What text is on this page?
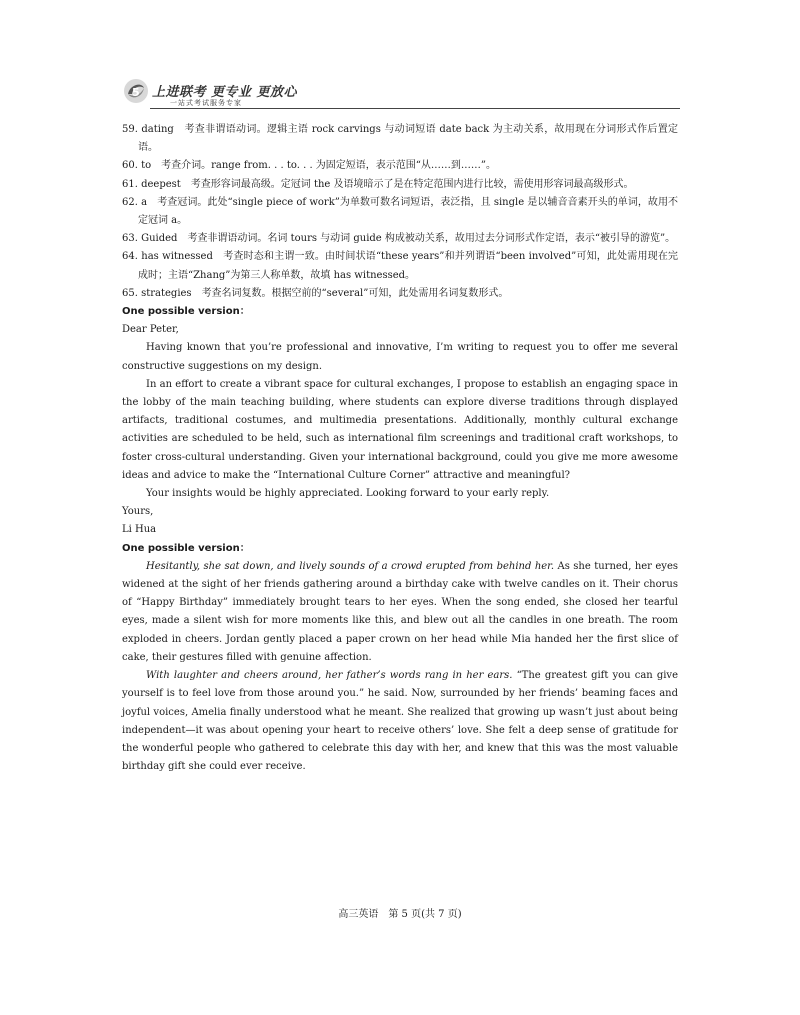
5 上进联考 更专业 更放心
一站式考试服务专家

59. dating　 考查非谓语动词。逻辑主语 rock carvings 与动词短语 date back 为主动关系，故用现在分词形式作后置定语。

60. to　 考查介词。range from. . . to. . . 为固定短语，表示范围“从……到……”。

61. deepest　 考查形容词最高级。定冠词 the 及语境暗示了是在特定范围内进行比较，需使用形容词最高级形式。

62. a　 考查冠词。此处“single piece of work”为单数可数名词短语，表泛指，且 single 是以辅音音素开头的单词，故用不定冠词 a。

63. Guided　 考查非谓语动词。名词 tours 与动词 guide 构成被动关系，故用过去分词形式作定语，表示“被引导的游览”。

64. has witnessed　 考查时态和主谓一致。由时间状语“these years”和并列谓语“been involved”可知，此处需用现在完成时；主语“Zhang”为第三人称单数，故填 has witnessed。

65. strategies　 考查名词复数。根据空前的“several”可知，此处需用名词复数形式。

One possible version：

Dear Peter,

Having known that you’re professional and innovative, I’m writing to request you to offer me several constructive suggestions on my design.

In an effort to create a vibrant space for cultural exchanges, I propose to establish an engaging space in the lobby of the main teaching building, where students can explore diverse traditions through displayed artifacts, traditional costumes, and multimedia presentations. Additionally, monthly cultural exchange activities are scheduled to be held, such as international film screenings and traditional craft workshops, to foster cross-cultural understanding. Given your international background, could you give me more awesome ideas and advice to make the “International Culture Corner” attractive and meaningful?

Your insights would be highly appreciated. Looking forward to your early reply.

Yours,

Li Hua

One possible version：

Hesitantly, she sat down, and lively sounds of a crowd erupted from behind her. As she turned, her eyes widened at the sight of her friends gathering around a birthday cake with twelve candles on it. Their chorus of “Happy Birthday” immediately brought tears to her eyes. When the song ended, she closed her tearful eyes, made a silent wish for more moments like this, and blew out all the candles in one breath. The room exploded in cheers. Jordan gently placed a paper crown on her head while Mia handed her the first slice of cake, their gestures filled with genuine affection.

With laughter and cheers around, her father’s words rang in her ears. “The greatest gift you can give yourself is to feel love from those around you.” he said. Now, surrounded by her friends’ beaming faces and joyful voices, Amelia finally understood what he meant. She realized that growing up wasn’t just about being independent—it was about opening your heart to receive others’ love. She felt a deep sense of gratitude for the wonderful people who gathered to celebrate this day with her, and knew that this was the most valuable birthday gift she could ever receive.

高三英语　第 5 页(共 7 页)
